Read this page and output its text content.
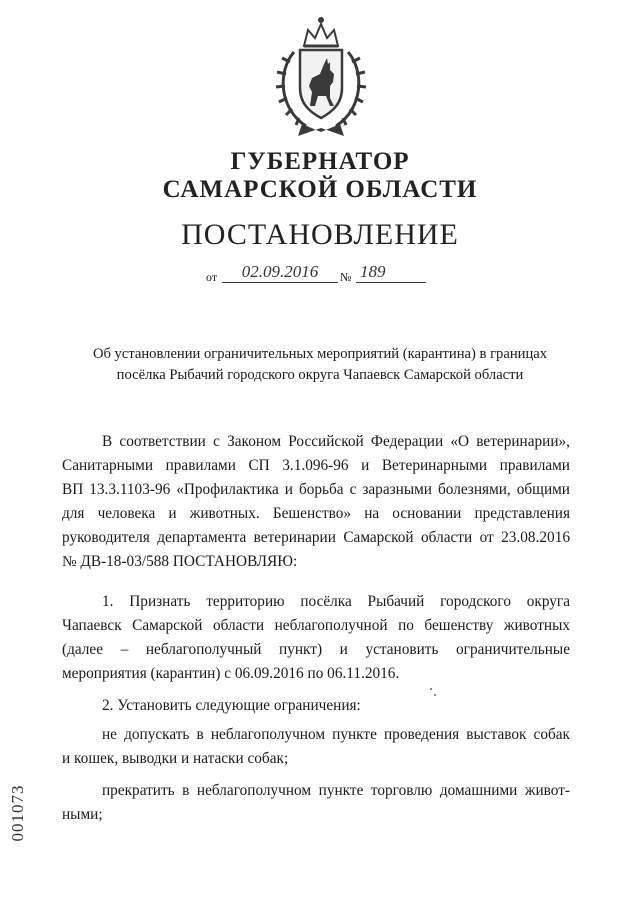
ГУБЕРНАТОР
САМАРСКОЙ ОБЛАСТИ
ПОСТАНОВЛЕНИЕ
от	02.09.2016	№ 189
Об установлении ограничительных мероприятий (карантина) в границах
посёлка Рыбачий городского округа Чапаевск Самарской области
В соответствии с Законом Российской Федерации «О ветеринарии»,
Санитарными правилами СП 3.1.096-96 и Ветеринарными правилами
ВП 13.3.1103-96 «Профилактика и борьба с заразными болезнями, общими
для человека и животных. Бешенство» на основании представления
руководителя департамента ветеринарии Самарской области от 23.08.2016
№ ДВ-18-03/588 ПОСТАНОВЛЯЮ:
1. Признать территорию посёлка Рыбачий городского округа
Чапаевск Самарской области неблагополучной по бешенству животных
(далее – неблагополучный пункт) и установить ограничительные
мероприятия (карантин) с 06.09.2016 по 06.11.2016.
2. Установить следующие ограничения:
не допускать в неблагополучном пункте проведения выставок собак
и кошек, выводки и натаски собак;
прекратить в неблагополучном пункте торговлю домашними живот-
ными;
001073
